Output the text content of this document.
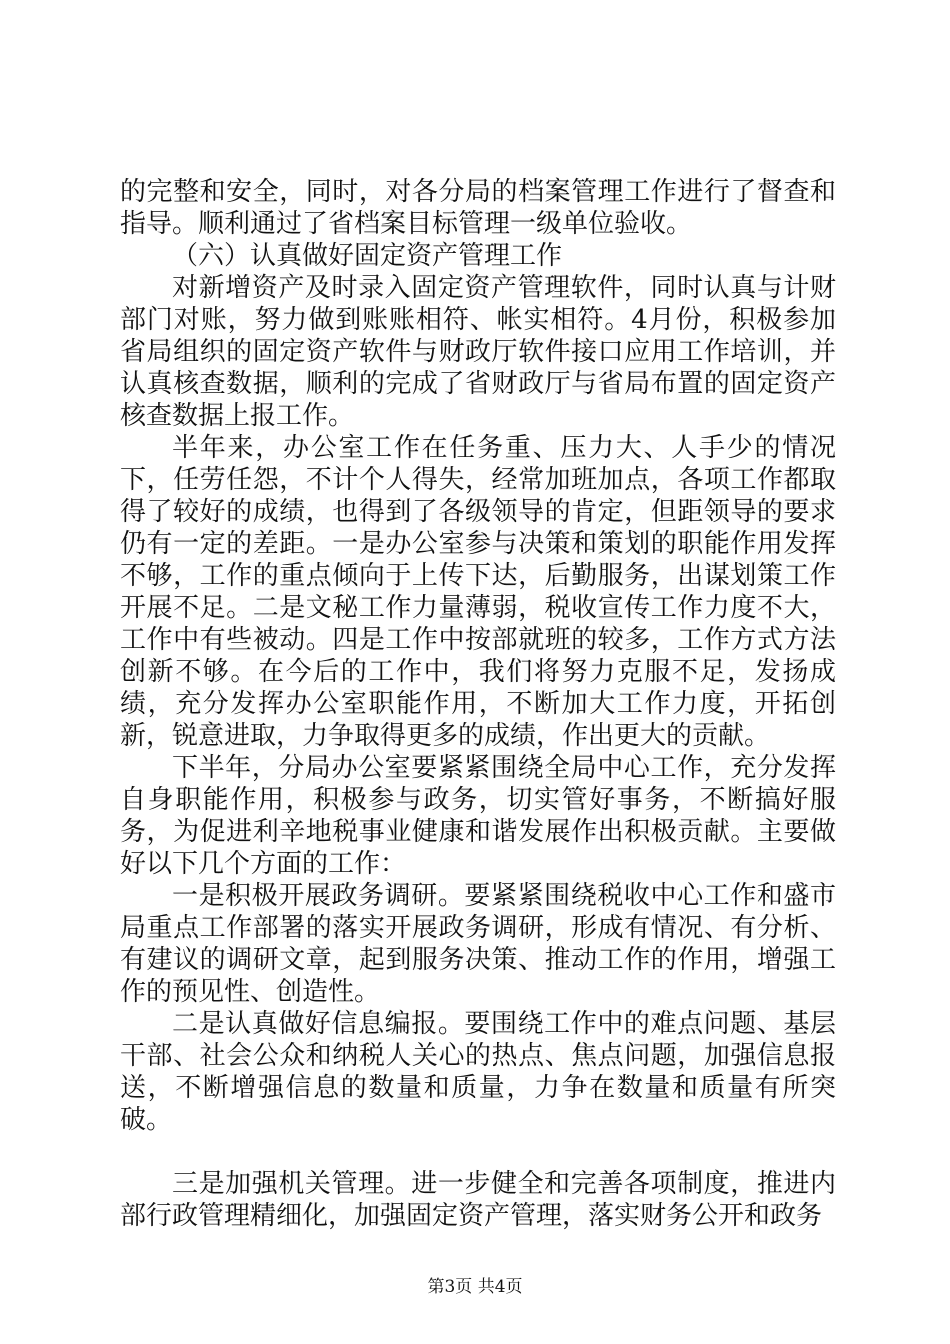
的完整和安全，同时，对各分局的档案管理工作进行了督查和指导。顺利通过了省档案目标管理一级单位验收。

（六）认真做好固定资产管理工作

对新增资产及时录入固定资产管理软件，同时认真与计财部门对账，努力做到账账相符、帐实相符。4月份，积极参加省局组织的固定资产软件与财政厅软件接口应用工作培训，并认真核查数据，顺利的完成了省财政厅与省局布置的固定资产核查数据上报工作。

半年来，办公室工作在任务重、压力大、人手少的情况下，任劳任怨，不计个人得失，经常加班加点，各项工作都取得了较好的成绩，也得到了各级领导的肯定，但距领导的要求仍有一定的差距。一是办公室参与决策和策划的职能作用发挥不够，工作的重点倾向于上传下达，后勤服务，出谋划策工作开展不足。二是文秘工作力量薄弱，税收宣传工作力度不大，工作中有些被动。四是工作中按部就班的较多，工作方式方法创新不够。在今后的工作中，我们将努力克服不足，发扬成绩，充分发挥办公室职能作用，不断加大工作力度，开拓创新，锐意进取，力争取得更多的成绩，作出更大的贡献。

下半年，分局办公室要紧紧围绕全局中心工作，充分发挥自身职能作用，积极参与政务，切实管好事务，不断搞好服务，为促进利辛地税事业健康和谐发展作出积极贡献。主要做好以下几个方面的工作：

一是积极开展政务调研。要紧紧围绕税收中心工作和盛市局重点工作部署的落实开展政务调研，形成有情况、有分析、有建议的调研文章，起到服务决策、推动工作的作用，增强工作的预见性、创造性。

二是认真做好信息编报。要围绕工作中的难点问题、基层干部、社会公众和纳税人关心的热点、焦点问题，加强信息报送，不断增强信息的数量和质量，力争在数量和质量有所突破。

三是加强机关管理。进一步健全和完善各项制度，推进内部行政管理精细化，加强固定资产管理，落实财务公开和政务

第3页 共4页
